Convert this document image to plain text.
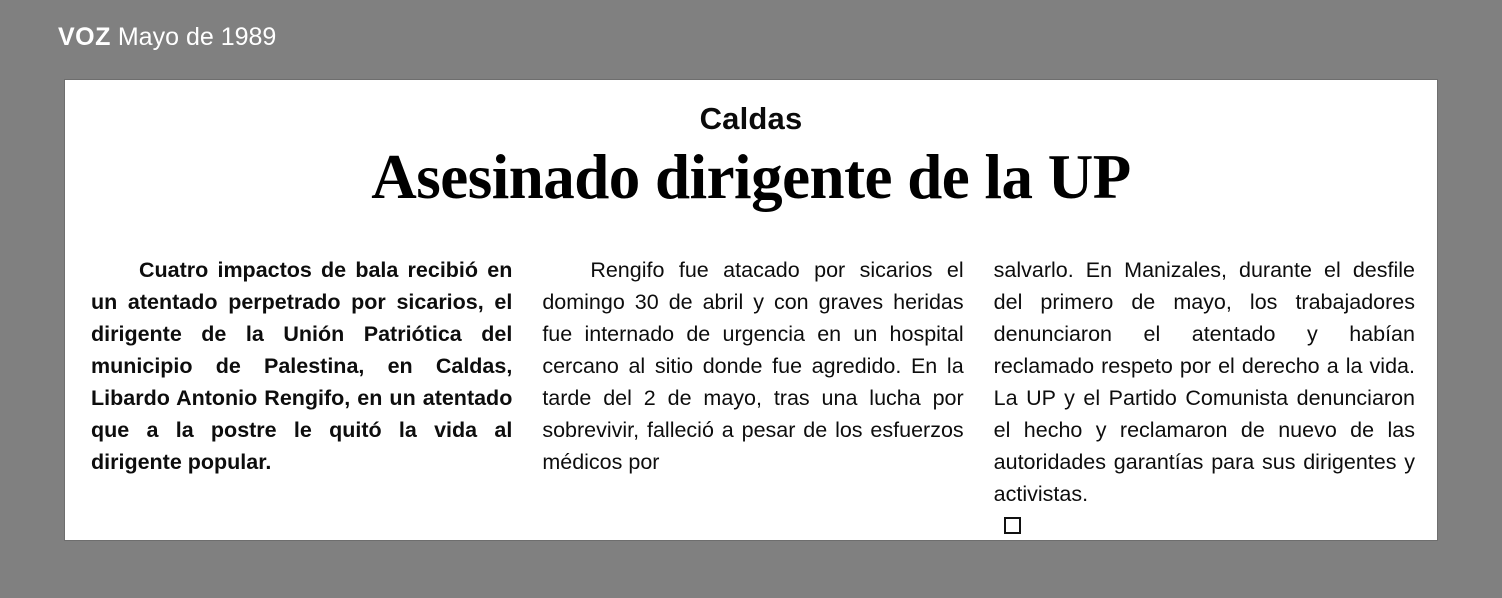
VOZ Mayo de 1989
Caldas
Asesinado dirigente de la UP

Cuatro impactos de bala recibió en un atentado perpetrado por sicarios, el dirigente de la Unión Patriótica del municipio de Palestina, en Caldas, Libardo Antonio Rengifo, en un atentado que a la postre le quitó la vida al dirigente popular.

Rengifo fue atacado por sicarios el domingo 30 de abril y con graves heridas fue internado de urgencia en un hospital cercano al sitio donde fue agredido. En la tarde del 2 de mayo, tras una lucha por sobrevivir, falleció a pesar de los esfuerzos médicos por

salvarlo. En Manizales, durante el desfile del primero de mayo, los trabajadores denunciaron el atentado y habían reclamado respeto por el derecho a la vida. La UP y el Partido Comunista denunciaron el hecho y reclamaron de nuevo de las autoridades garantías para sus dirigentes y activistas.
